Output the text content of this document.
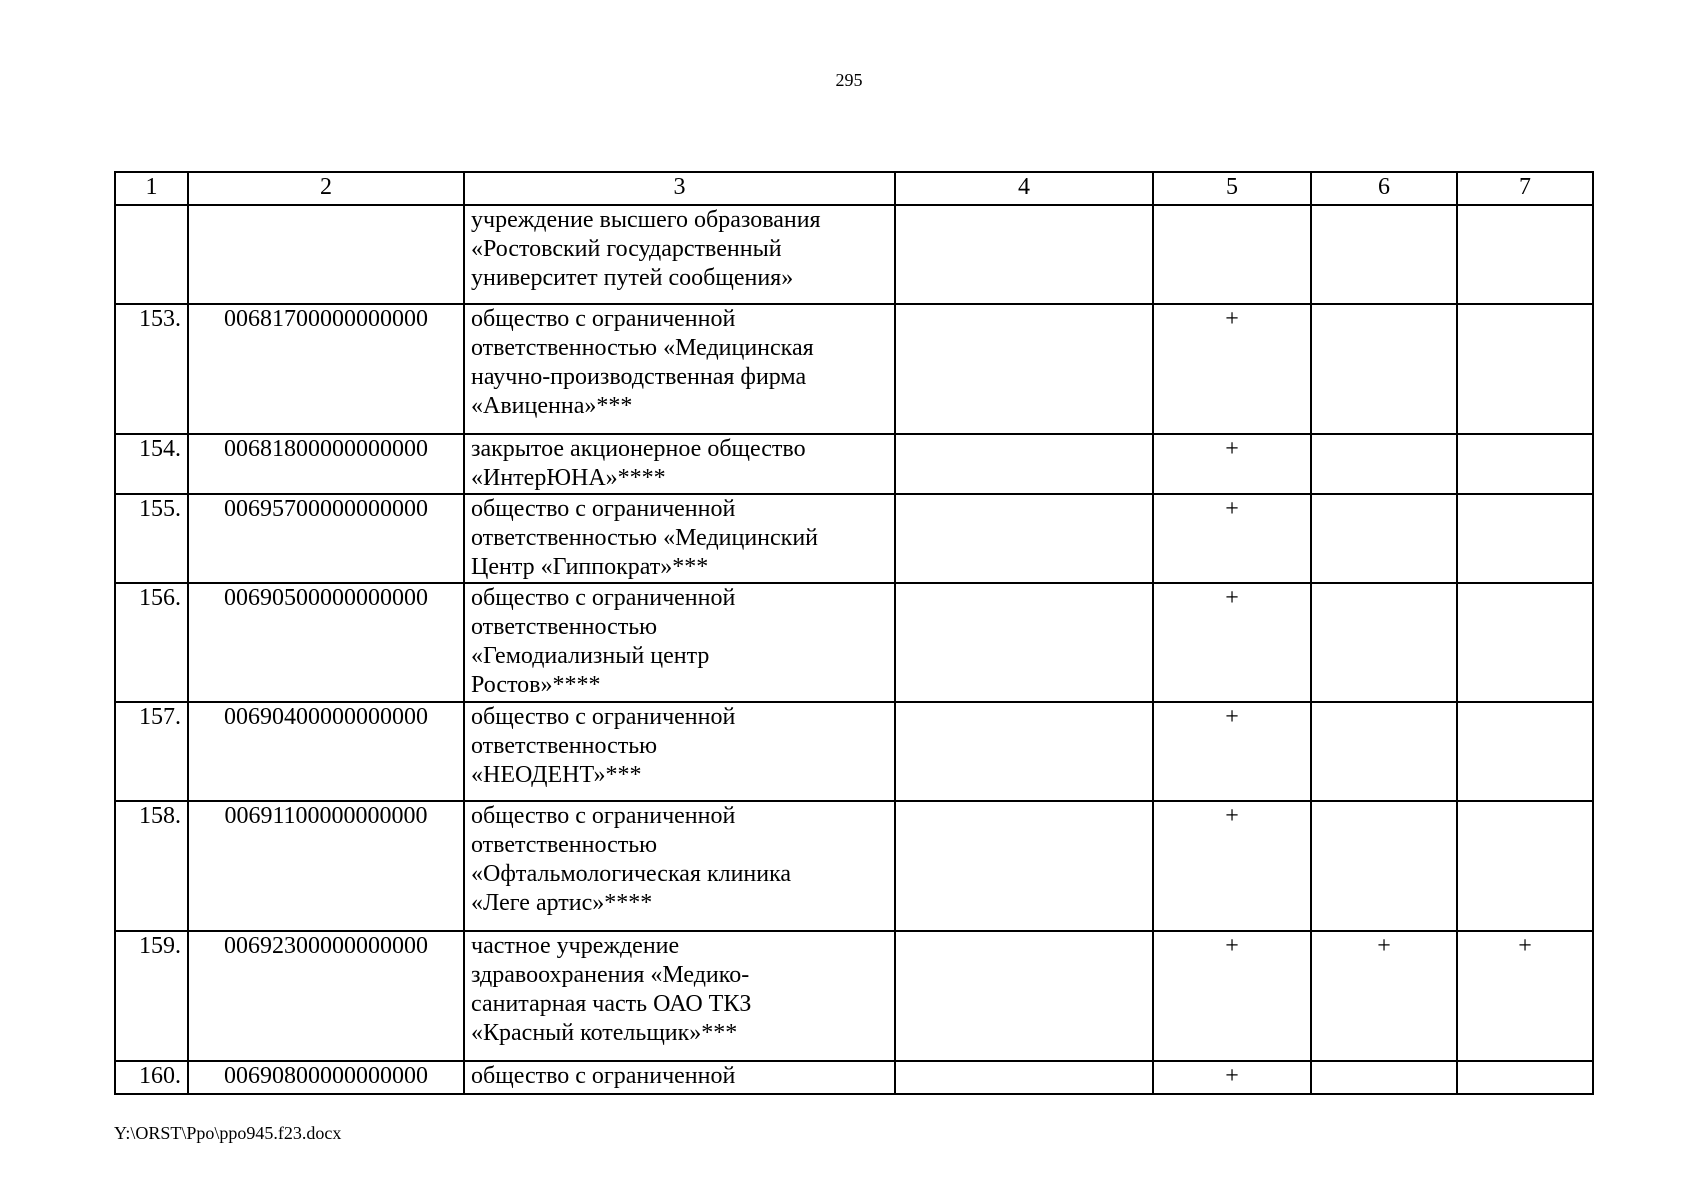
295
1	2	3	4	5	6	7

		учреждение высшего образования
«Ростовский государственный
университет путей сообщения»				

153.	00681700000000000	общество с ограниченной
ответственностью «Медицинская
научно-производственная фирма
«Авиценна»***		+		
154.	00681800000000000	закрытое акционерное общество
«ИнтерЮНА»****		+		
155.	00695700000000000	общество с ограниченной
ответственностью «Медицинский
Центр «Гиппократ»***		+		
156.	00690500000000000	общество с ограниченной
ответственностью
«Гемодиализный центр
Ростов»****		+		
157.	00690400000000000	общество с ограниченной
ответственностью
«НЕОДЕНТ»***		+		
158.	00691100000000000	общество с ограниченной
ответственностью
«Офтальмологическая клиника
«Леге артис»****		+		
159.	00692300000000000	частное учреждение
здравоохранения «Медико-
санитарная часть ОАО ТКЗ
«Красный котельщик»***		+	+	+
160.	00690800000000000	общество с ограниченной		+		
Y:\ORST\Ppo\ppo945.f23.docx
